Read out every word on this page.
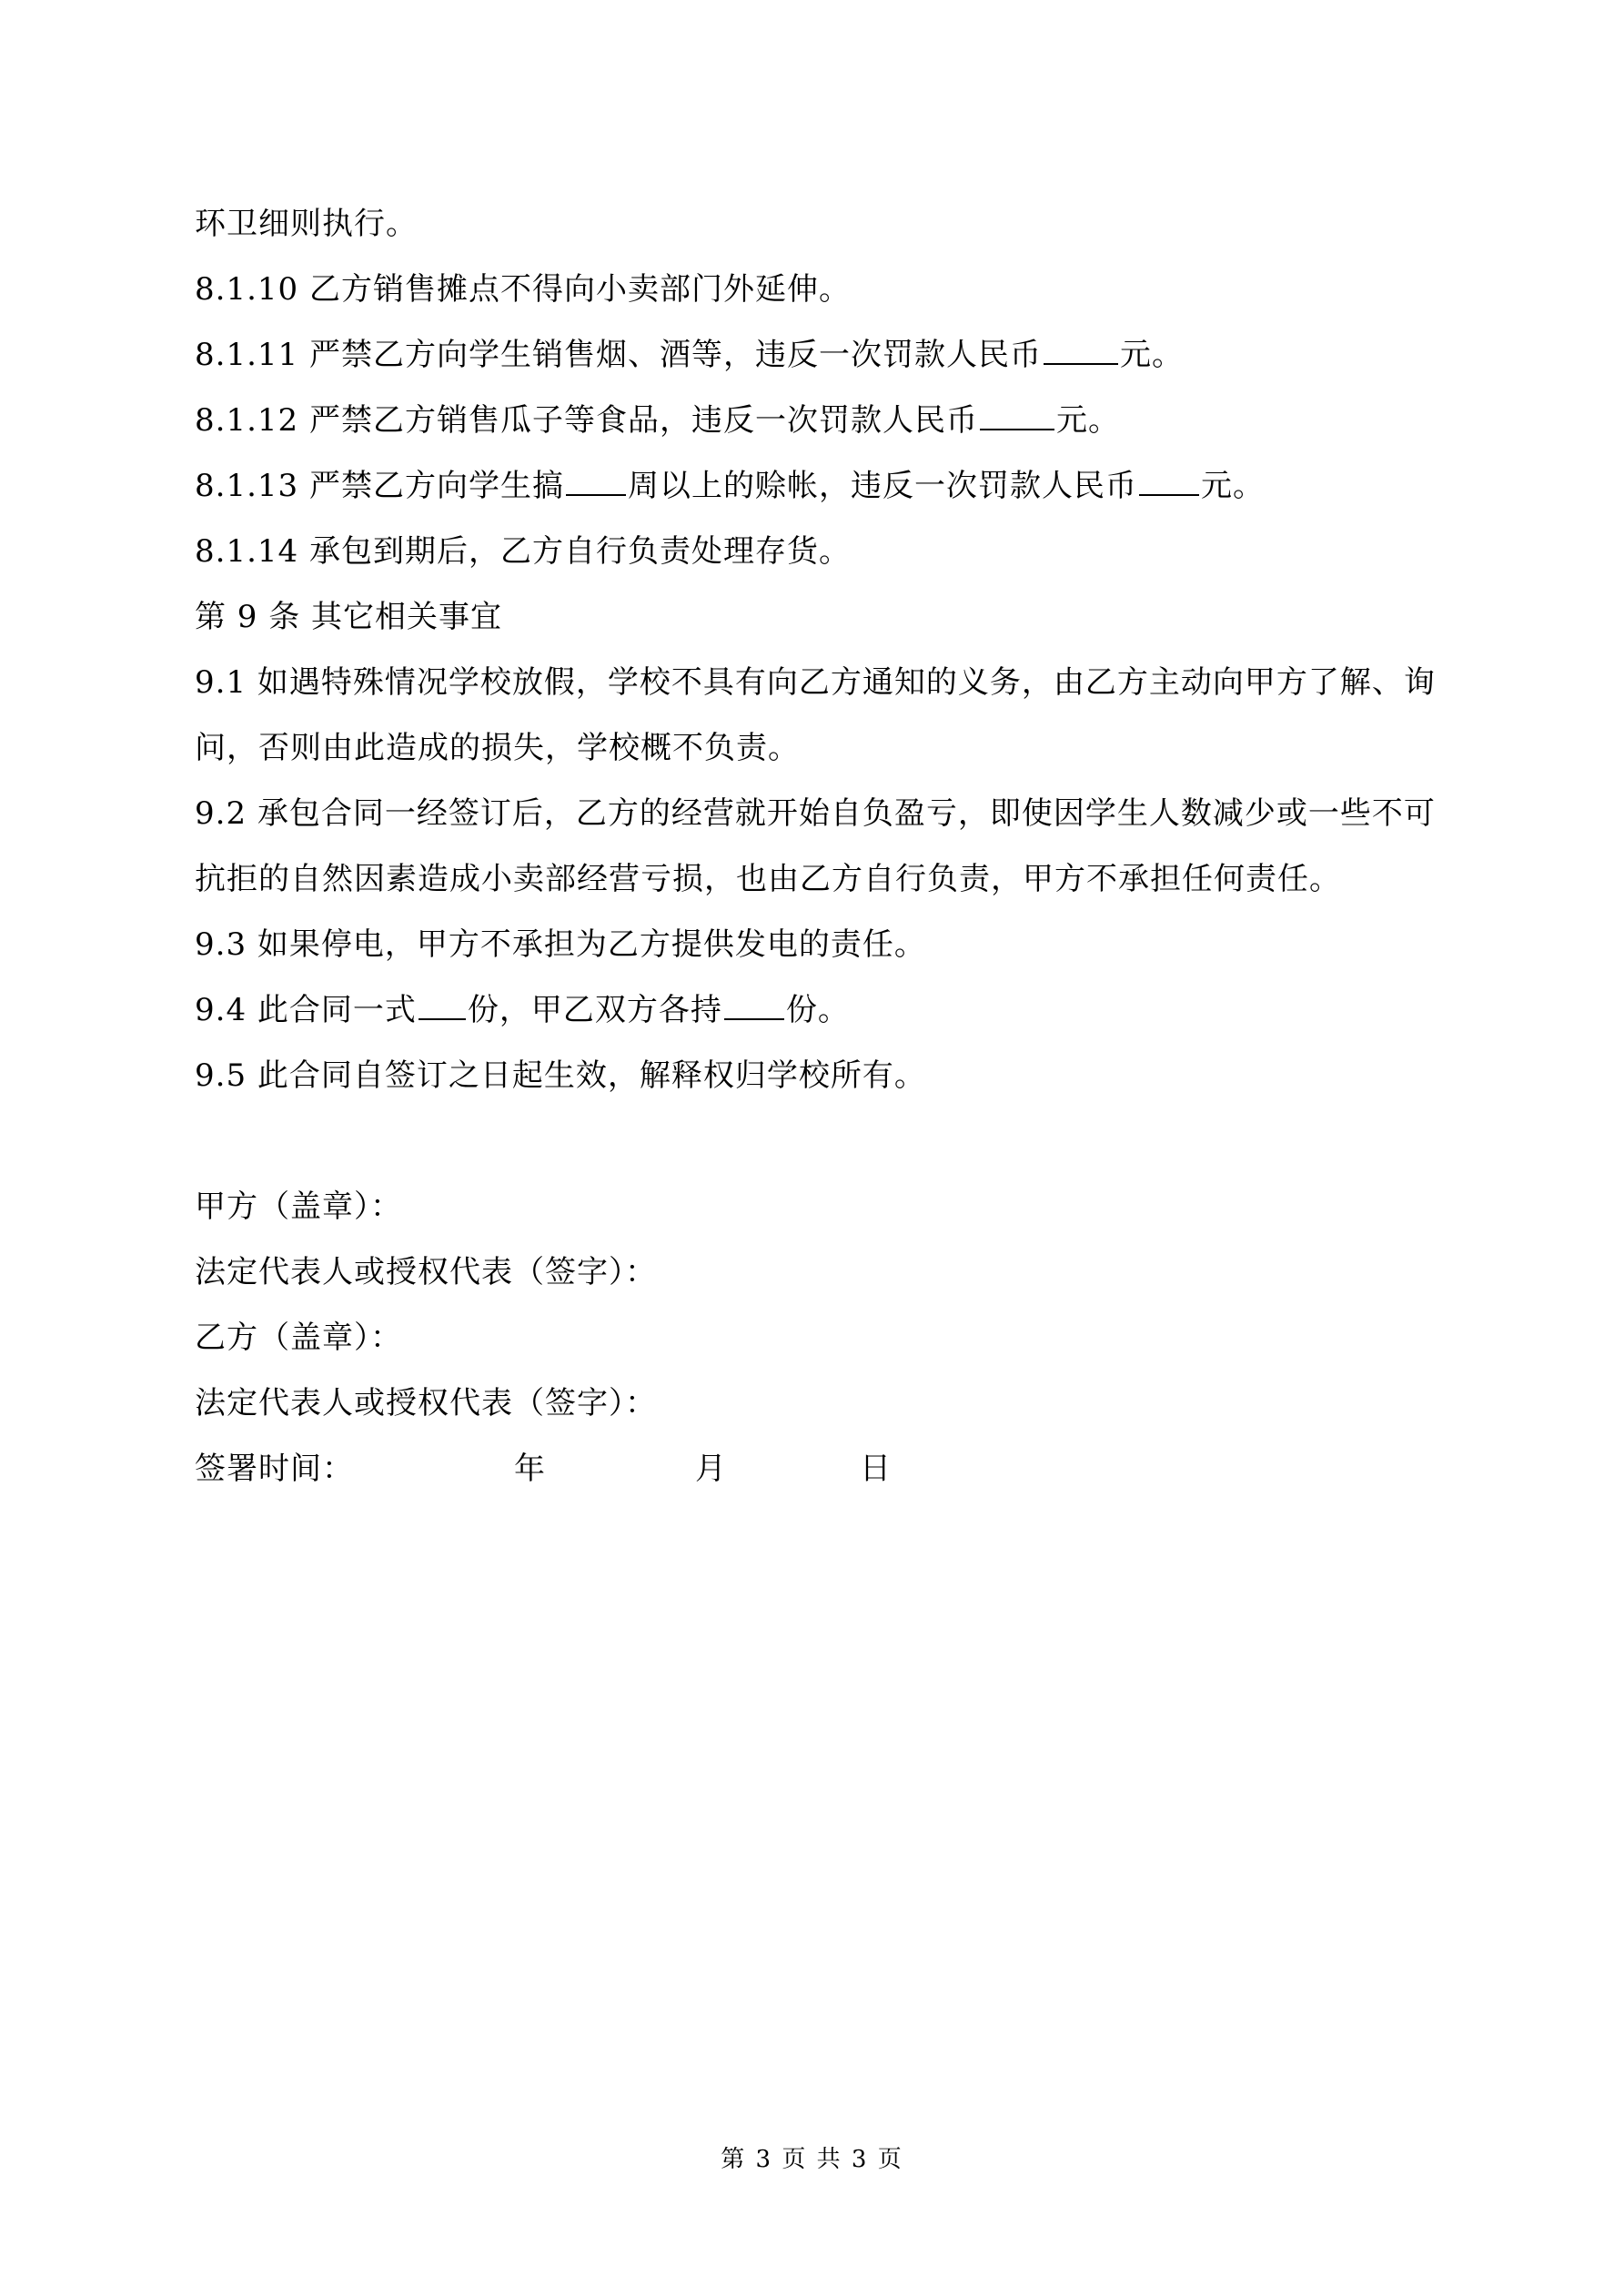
环卫细则执行。
8.1.10 乙方销售摊点不得向小卖部门外延伸。
8.1.11 严禁乙方向学生销售烟、酒等，违反一次罚款人民币	元。
8.1.12 严禁乙方销售瓜子等食品，违反一次罚款人民币	元。
8.1.13 严禁乙方向学生搞 周以上的赊帐，违反一次罚款人民币 元。
8.1.14 承包到期后，乙方自行负责处理存货。
第 9 条 其它相关事宜
9.1 如遇特殊情况学校放假，学校不具有向乙方通知的义务，由乙方主动向甲方了解、询问，否则由此造成的损失，学校概不负责。
9.2 承包合同一经签订后，乙方的经营就开始自负盈亏，即使因学生人数减少或一些不可抗拒的自然因素造成小卖部经营亏损，也由乙方自行负责，甲方不承担任何责任。
9.3 如果停电，甲方不承担为乙方提供发电的责任。
9.4 此合同一式 份，甲乙双方各持 份。
9.5 此合同自签订之日起生效，解释权归学校所有。
甲方（盖章）：
法定代表人或授权代表（签字）：
乙方（盖章）：
法定代表人或授权代表（签字）：
签署时间：	年	月	日
第 3 页 共 3 页
